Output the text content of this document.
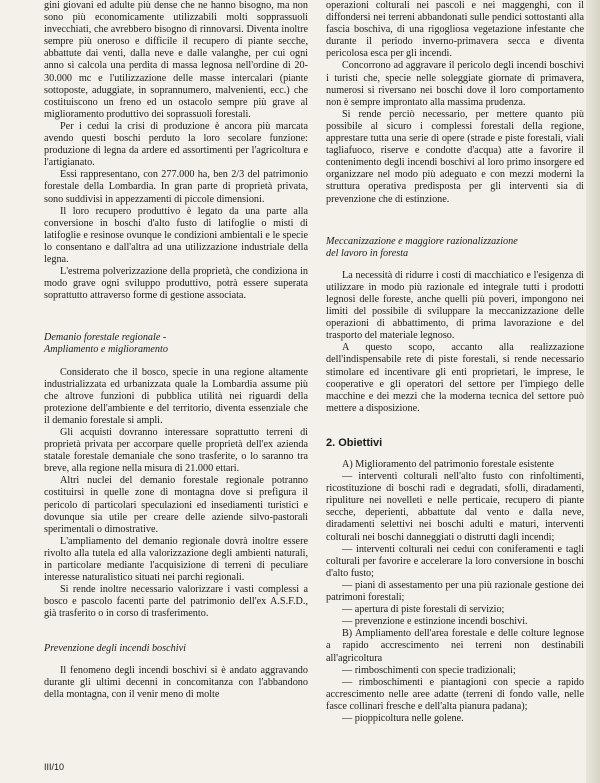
gini giovani ed adulte più dense che ne hanno bisogno, ma non sono più economicamente utilizzabili molti sopprassuoli invecchiati, che avrebbero bisogno di rinnovarsi. Diventa inoltre sempre più oneroso e difficile il recupero di piante secche, abbattute dai venti, dalla neve e dalle valanghe, per cui ogni anno si calcola una perdita di massa legnosa nell'ordine di 20-30.000 mc e l'utilizzazione delle masse intercalari (piante sottoposte, aduggiate, in soprannumero, malvenienti, ecc.) che costituiscono un freno ed un ostacolo sempre più grave al miglioramento produttivo dei soprassuoli forestali.

Per i cedui la crisi di produzione è ancora più marcata avendo questi boschi perduto la loro secolare funzione: produzione di legna da ardere ed assortimenti per l'agricoltura e l'artigianato.

Essi rappresentano, con 277.000 ha, ben 2/3 del patrimonio forestale della Lombardia. In gran parte di proprietà privata, sono suddivisi in appezzamenti di piccole dimensioni.

Il loro recupero produttivo è legato da una parte alla conversione in boschi d'alto fusto di latifoglie o misti di latifoglie e resinose ovunque le condizioni ambientali e le specie lo consentano e dall'altra ad una utilizzazione industriale della legna.

L'estrema polverizzazione della proprietà, che condiziona in modo grave ogni sviluppo produttivo, potrà essere superata soprattutto attraverso forme di gestione associata.

Demanio forestale regionale -

Ampliamento e miglioramento

Considerato che il bosco, specie in una regione altamente industrializzata ed urbanizzata quale la Lombardia assume più che altrove funzioni di pubblica utilità nei riguardi della protezione dell'ambiente e del territorio, diventa essenziale che il demanio forestale si ampli.

Gli acquisti dovranno interessare soprattutto terreni di proprietà privata per accorpare quelle proprietà dell'ex azienda statale forestale demaniale che sono trasferite, o lo saranno tra breve, alla regione nella misura di 21.000 ettari.

Altri nuclei del demanio forestale regionale potranno costituirsi in quelle zone di montagna dove si prefigura il pericolo di particolari speculazioni ed insediamenti turistici e dovunque sia utile per creare delle aziende silvo-pastorali sperimentali o dimostrative.

L'ampliamento del demanio regionale dovrà inoltre essere rivolto alla tutela ed alla valorizzazione degli ambienti naturali, in particolare mediante l'acquisizione di terreni di peculiare interesse naturalistico situati nei parchi regionali.

Si rende inoltre necessario valorizzare i vasti complessi a bosco e pascolo facenti parte del patrimonio dell'ex A.S.F.D., già trasferito o in corso di trasferimento.

Prevenzione degli incendi boschivi

Il fenomeno degli incendi boschivi si è andato aggravando durante gli ultimi decenni in concomitanza con l'abbandono della montagna, con il venir meno di molte

operazioni colturali nei pascoli e nei maggenghi, con il diffondersi nei terreni abbandonati sulle pendici sottostanti alla fascia boschiva, di una rigogliosa vegetazione infestante che durante il periodo inverno-primavera secca e diventa pericolosa esca per gli incendi.

Concorrono ad aggravare il pericolo degli incendi boschivi i turisti che, specie nelle soleggiate giornate di primavera, numerosi si riversano nei boschi dove il loro comportamento non è sempre improntato alla massima prudenza.

Si rende perciò necessario, per mettere quanto più possibile al sicuro i complessi forestali della regione, apprestare tutta una serie di opere (strade e piste forestali, viali tagliafuoco, riserve e condotte d'acqua) atte a favorire il contenimento degli incendi boschivi al loro primo insorgere ed organizzare nel modo più adeguato e con mezzi moderni la struttura operativa predisposta per gli interventi sia di prevenzione che di estinzione.

Meccanizzazione e maggiore razionalizzazione

del lavoro in foresta

La necessità di ridurre i costi di macchiatico e l'esigenza di utilizzare in modo più razionale ed integrale tutti i prodotti legnosi delle foreste, anche quelli più poveri, impongono nei limiti del possibile di sviluppare la meccanizzazione delle operazioni di abbattimento, di prima lavorazione e del trasporto del materiale legnoso.

A questo scopo, accanto alla realizzazione dell'indispensabile rete di piste forestali, si rende necessario stimolare ed incentivare gli enti proprietari, le imprese, le cooperative e gli operatori del settore per l'impiego delle macchine e dei mezzi che la moderna tecnica del settore può mettere a disposizione.

2. Obiettivi

A) Miglioramento del patrimonio forestale esistente

— interventi colturali nell'alto fusto con rinfoltimenti, ricostituzione di boschi radi e degradati, sfolli, diradamenti, ripuliture nei novelleti e nelle perticaie, recupero di piante secche, deperienti, abbattute dal vento e dalla neve, diradamenti selettivi nei boschi adulti e maturi, interventi colturali nei boschi danneggiati o distrutti dagli incendi;

— interventi colturali nei cedui con coniferamenti e tagli colturali per favorire e accelerare la loro conversione in boschi d'alto fusto;

— piani di assestamento per una più razionale gestione dei patrimoni forestali;

— apertura di piste forestali di servizio;

— prevenzione e estinzione incendi boschivi.

B) Ampliamento dell'area forestale e delle colture legnose a rapido accrescimento nei terreni non destinabili all'agricoltura

— rimboschimenti con specie tradizionali;

— rimboschimenti e piantagioni con specie a rapido accrescimento nelle aree adatte (terreni di fondo valle, nelle fasce collinari fresche e dell'alta pianura padana);

— pioppicoltura nelle golene.

III/10
